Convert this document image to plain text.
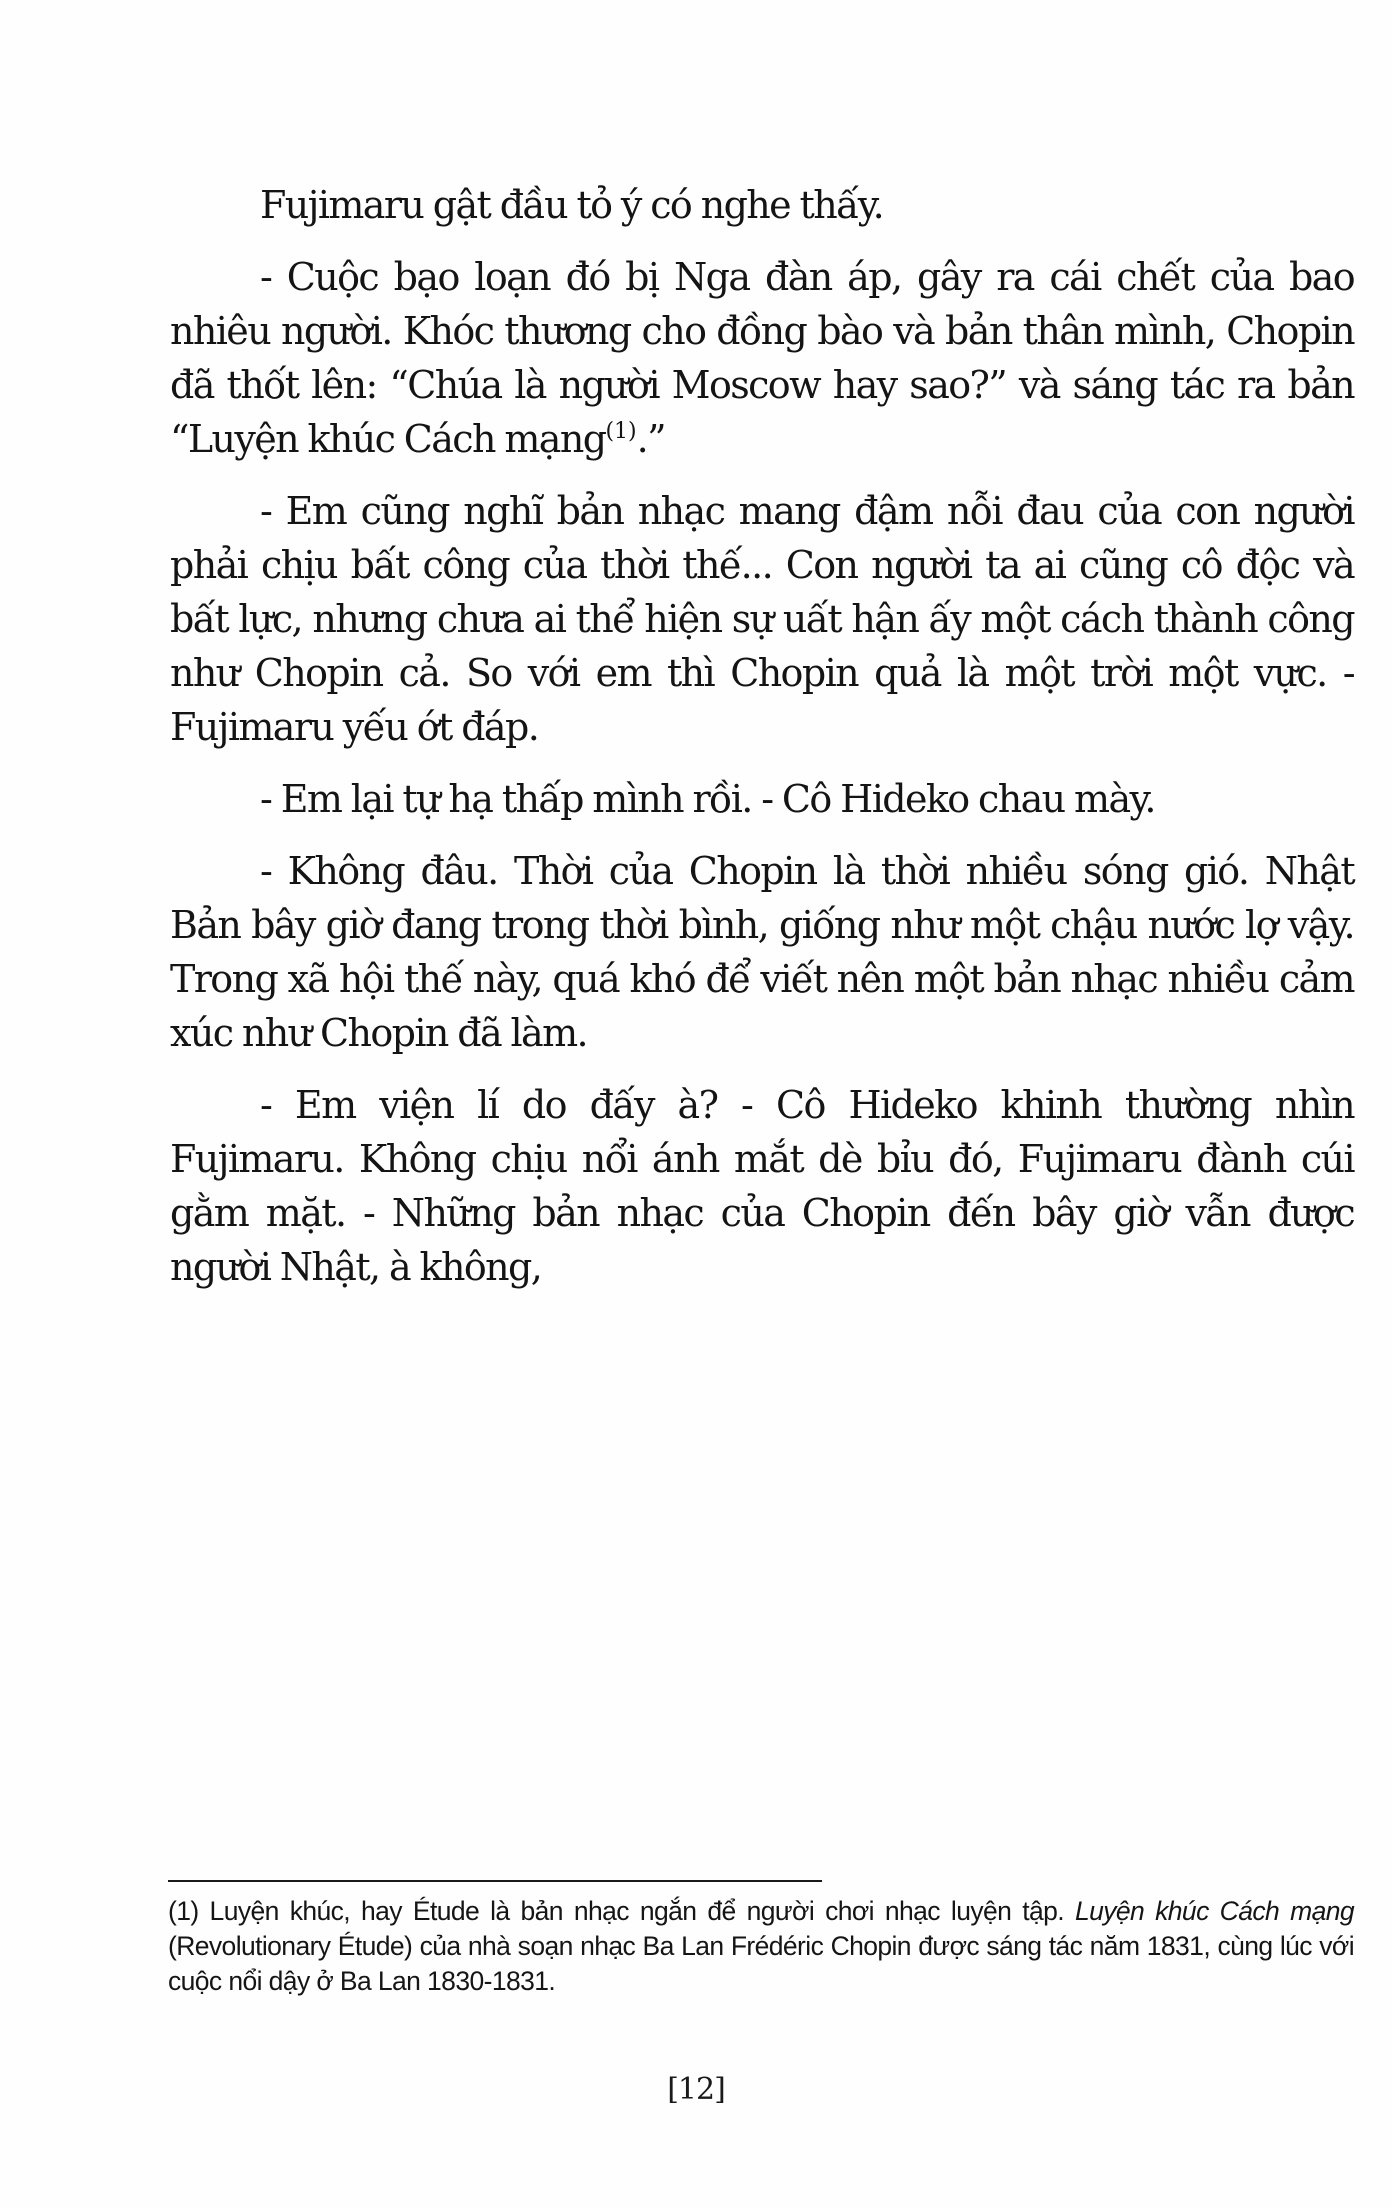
Fujimaru gật đầu tỏ ý có nghe thấy.

- Cuộc bạo loạn đó bị Nga đàn áp, gây ra cái chết của bao nhiêu người. Khóc thương cho đồng bào và bản thân mình, Chopin đã thốt lên: “Chúa là người Moscow hay sao?” và sáng tác ra bản “Luyện khúc Cách mạng$^{(1)}$.”

- Em cũng nghĩ bản nhạc mang đậm nỗi đau của con người phải chịu bất công của thời thế... Con người ta ai cũng cô độc và bất lực, nhưng chưa ai thể hiện sự uất hận ấy một cách thành công như Chopin cả. So với em thì Chopin quả là một trời một vực. - Fujimaru yếu ớt đáp.

- Em lại tự hạ thấp mình rồi. - Cô Hideko chau mày.

- Không đâu. Thời của Chopin là thời nhiều sóng gió. Nhật Bản bây giờ đang trong thời bình, giống như một chậu nước lợ vậy. Trong xã hội thế này, quá khó để viết nên một bản nhạc nhiều cảm xúc như Chopin đã làm.

- Em viện lí do đấy à? - Cô Hideko khinh thường nhìn Fujimaru. Không chịu nổi ánh mắt dè bỉu đó, Fujimaru đành cúi gằm mặt. - Những bản nhạc của Chopin đến bây giờ vẫn được người Nhật, à không,

(1) Luyện khúc, hay Étude là bản nhạc ngắn để người chơi nhạc luyện tập. Luyện khúc Cách mạng (Revolutionary Étude) của nhà soạn nhạc Ba Lan Frédéric Chopin được sáng tác năm 1831, cùng lúc với cuộc nổi dậy ở Ba Lan 1830-1831.
[12]
